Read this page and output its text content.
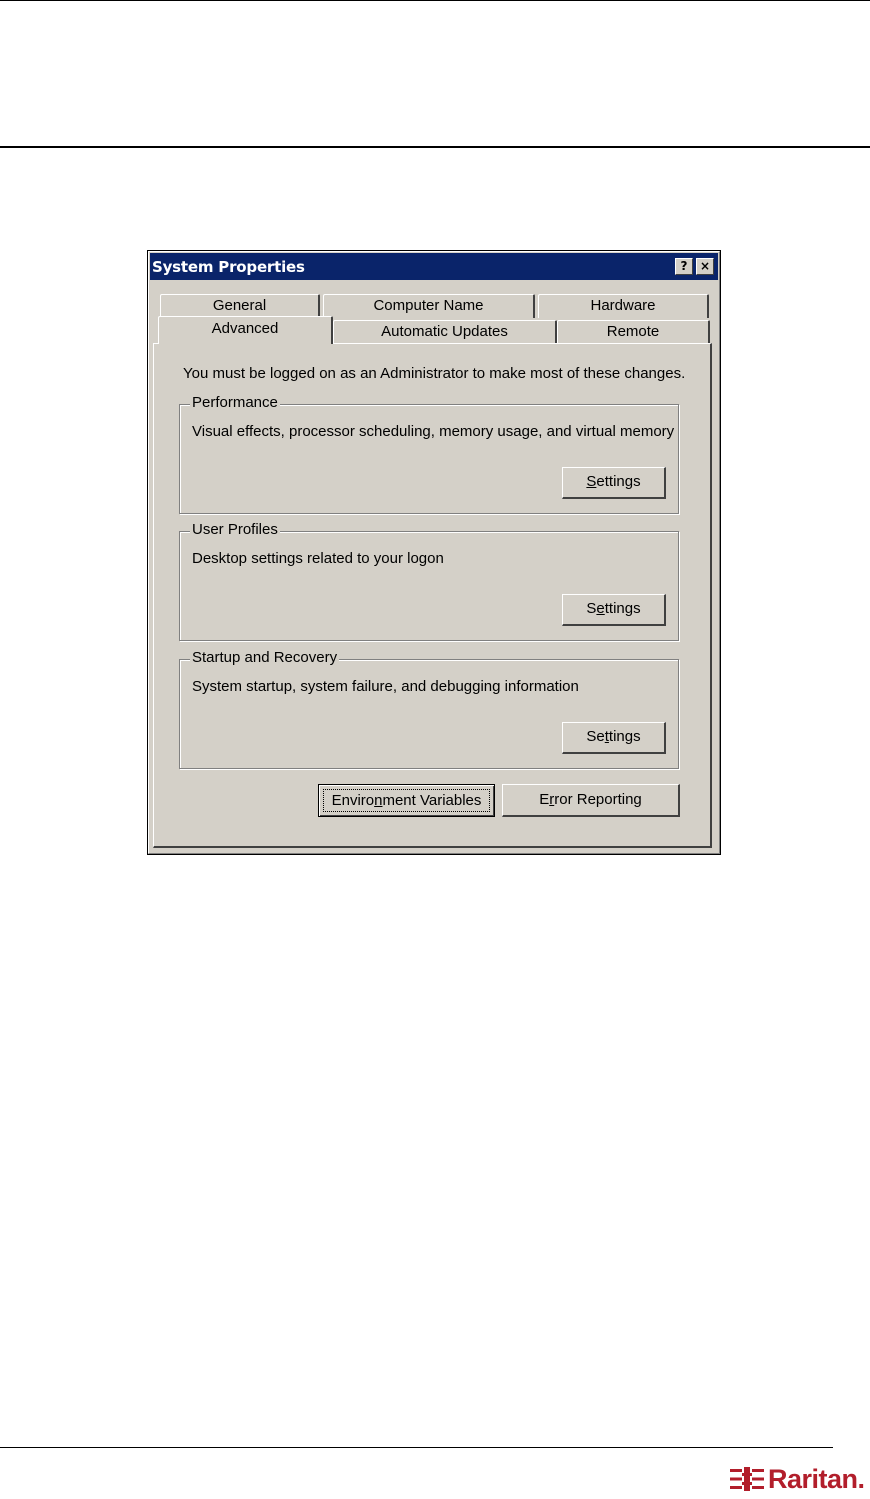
System Properties	?	×
General	Computer Name	Hardware
Advanced	Automatic Updates	Remote
You must be logged on as an Administrator to make most of these changes.
Performance
Visual effects, processor scheduling, memory usage, and virtual memory
Settings
User Profiles
Desktop settings related to your logon
Settings
Startup and Recovery
System startup, system failure, and debugging information
Settings
Environment Variables	Error Reporting
Raritan.
